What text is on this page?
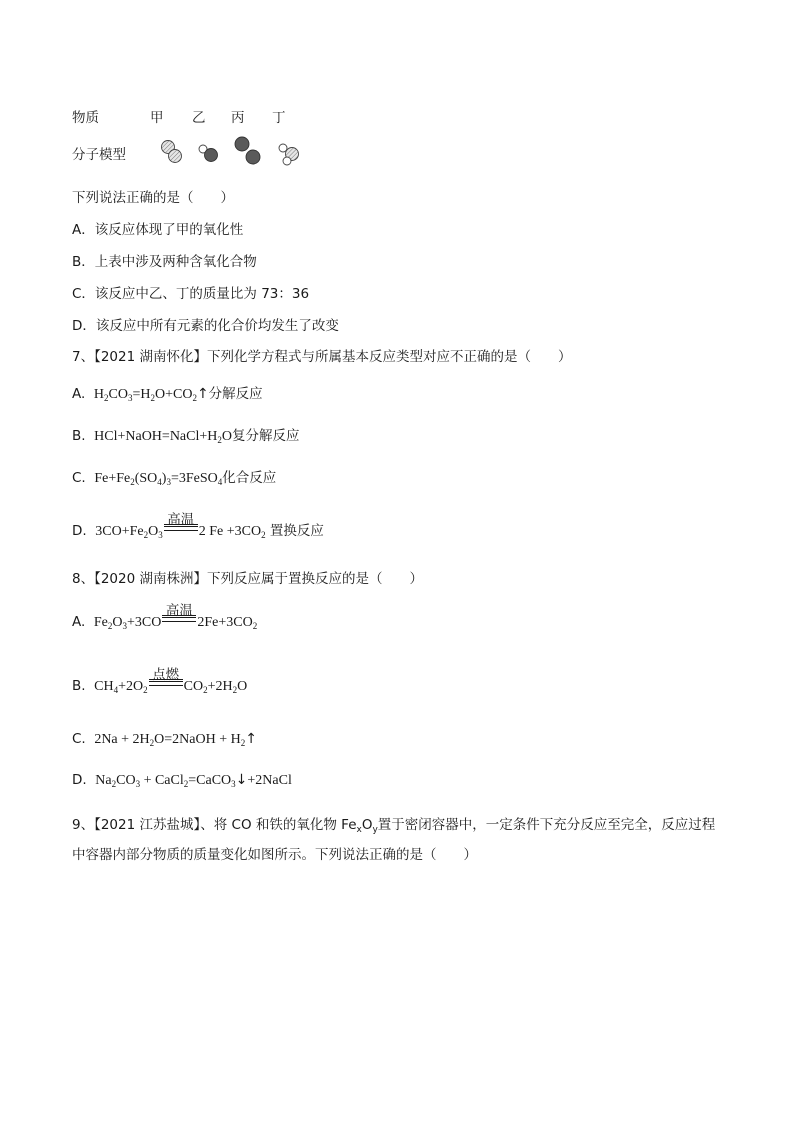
物质	甲 乙 丙 丁
分子模型
下列说法正确的是（　　）
A．该反应体现了甲的氧化性
B．上表中涉及两种含氧化合物
C．该反应中乙、丁的质量比为 73：36
D．该反应中所有元素的化合价均发生了改变
7、【2021 湖南怀化】下列化学方程式与所属基本反应类型对应不正确的是（　　）
A.  $H_2CO_3=H_2O+CO_2↑$分解反应
B.  $HCl+NaOH=NaCl+H_2O$复分解反应
C.  $Fe+Fe_2(SO_4)_3=3FeSO_4$化合反应
D.  $3CO+Fe_2O_3$
高温
2 $Fe +3CO_2$ 置换反应
8、【2020 湖南株洲】下列反应属于置换反应的是（　　）
A.  $Fe_2O_3+3CO$
高温
$2Fe+3CO_2$
B.  $CH_4+2O_2$
点燃
$CO_2+2H_2O$
C.  $2Na + 2H_2O=2NaOH$ + $H_2↑$
D.  $Na_2CO_3$ + CaCl$_2$=CaCO$_3$↓+2NaCl
9、【2021 江苏盐城】、将 CO 和铁的氧化物 $Fe_xO_y$置于密闭容器中，一定条件下充分反应至完全，反应过程
中容器内部分物质的质量变化如图所示。下列说法正确的是（　　）
